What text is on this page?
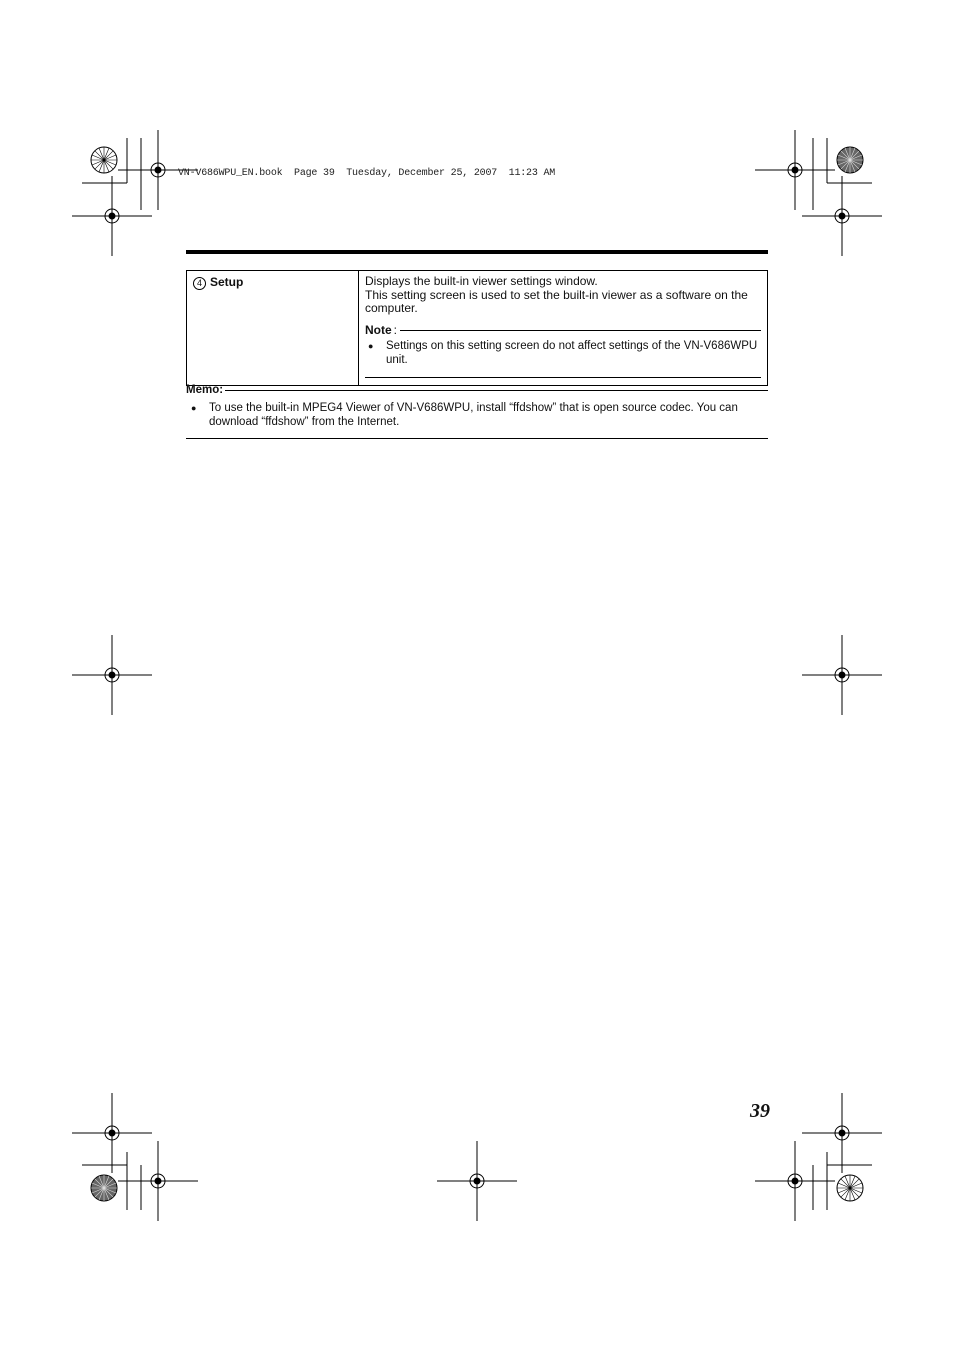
VN-V686WPU_EN.book  Page 39  Tuesday, December 25, 2007  11:23 AM
4 Setup	Displays the built-in viewer settings window.
This setting screen is used to set the built-in viewer as a software on the computer.
Note :
●	Settings on this setting screen do not affect settings of the VN-V686WPU unit.
Memo:
●	To use the built-in MPEG4 Viewer of VN-V686WPU, install “ffdshow” that is open source codec. You can download “ffdshow” from the Internet.
39
